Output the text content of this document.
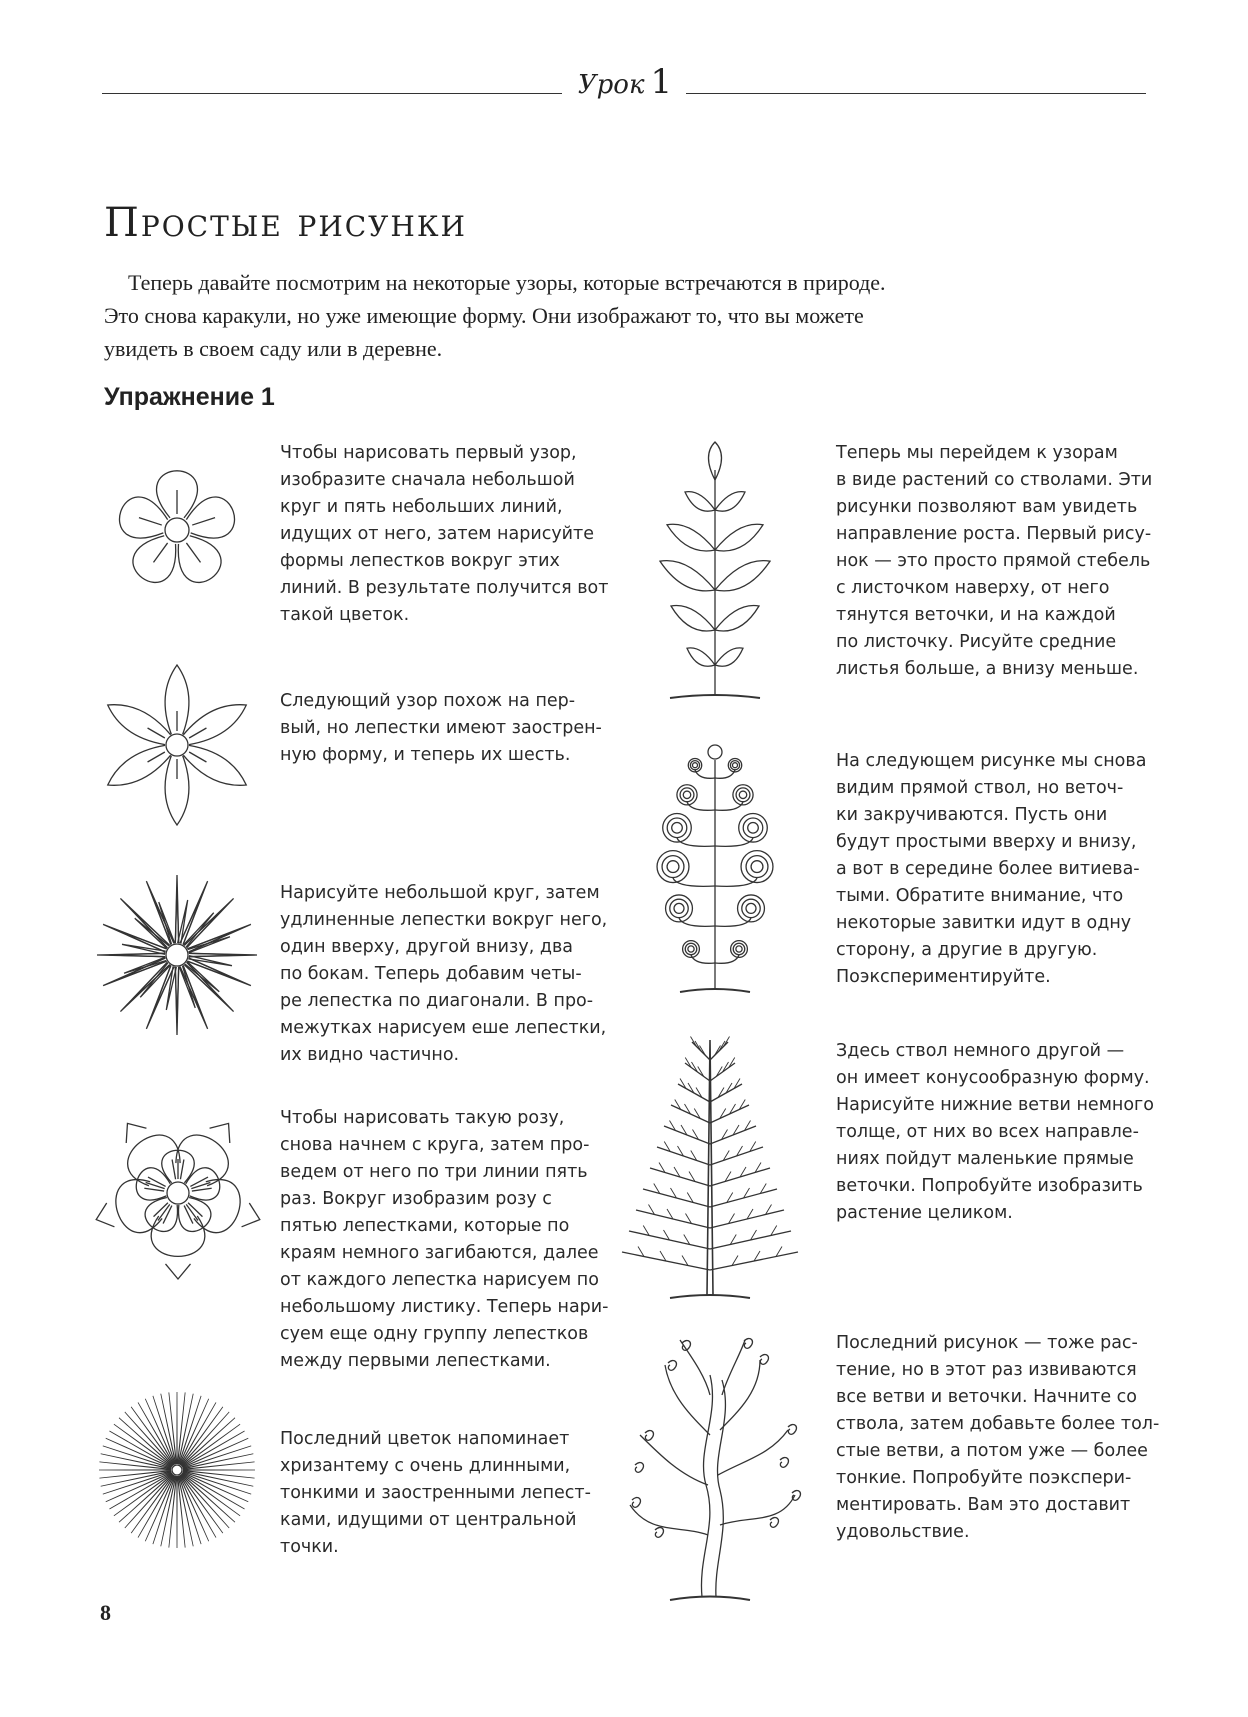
Урок 1
Простые рисунки
Теперь давайте посмотрим на некоторые узоры, которые встречаются в природе.
Это снова каракули, но уже имеющие форму. Они изображают то, что вы можете
увидеть в своем саду или в деревне.
Упражнение 1
Чтобы нарисовать первый узор,
изобразите сначала небольшой
круг и пять небольших линий,
идущих от него, затем нарисуйте
формы лепестков вокруг этих
линий. В результате получится вот
такой цветок.
Следующий узор похож на пер-
вый, но лепестки имеют заострен-
ную форму, и теперь их шесть.
Нарисуйте небольшой круг, затем
удлиненные лепестки вокруг него,
один вверху, другой внизу, два
по бокам. Теперь добавим четы-
ре лепестка по диагонали. В про-
межутках нарисуем еше лепестки,
их видно частично.
Чтобы нарисовать такую розу,
снова начнем с круга, затем про-
ведем от него по три линии пять
раз. Вокруг изобразим розу с
пятью лепестками, которые по
краям немного загибаются, далее
от каждого лепестка нарисуем по
небольшому листику. Теперь нари-
суем еще одну группу лепестков
между первыми лепестками.
Последний цветок напоминает
хризантему с очень длинными,
тонкими и заостренными лепест-
ками, идущими от центральной
точки.
Теперь мы перейдем к узорам
в виде растений со стволами. Эти
рисунки позволяют вам увидеть
направление роста. Первый рису-
нок — это просто прямой стебель
с листочком наверху, от него
тянутся веточки, и на каждой
по листочку. Рисуйте средние
листья больше, а внизу меньше.
На следующем рисунке мы снова
видим прямой ствол, но веточ-
ки закручиваются. Пусть они
будут простыми вверху и внизу,
а вот в середине более витиева-
тыми. Обратите внимание, что
некоторые завитки идут в одну
сторону, а другие в другую.
Поэкспериментируйте.
Здесь ствол немного другой —
он имеет конусообразную форму.
Нарисуйте нижние ветви немного
толще, от них во всех направле-
ниях пойдут маленькие прямые
веточки. Попробуйте изобразить
растение целиком.
Последний рисунок — тоже рас-
тение, но в этот раз извиваются
все ветви и веточки. Начните со
ствола, затем добавьте более тол-
стые ветви, а потом уже — более
тонкие. Попробуйте поэкспери-
ментировать. Вам это доставит
удовольствие.
8
